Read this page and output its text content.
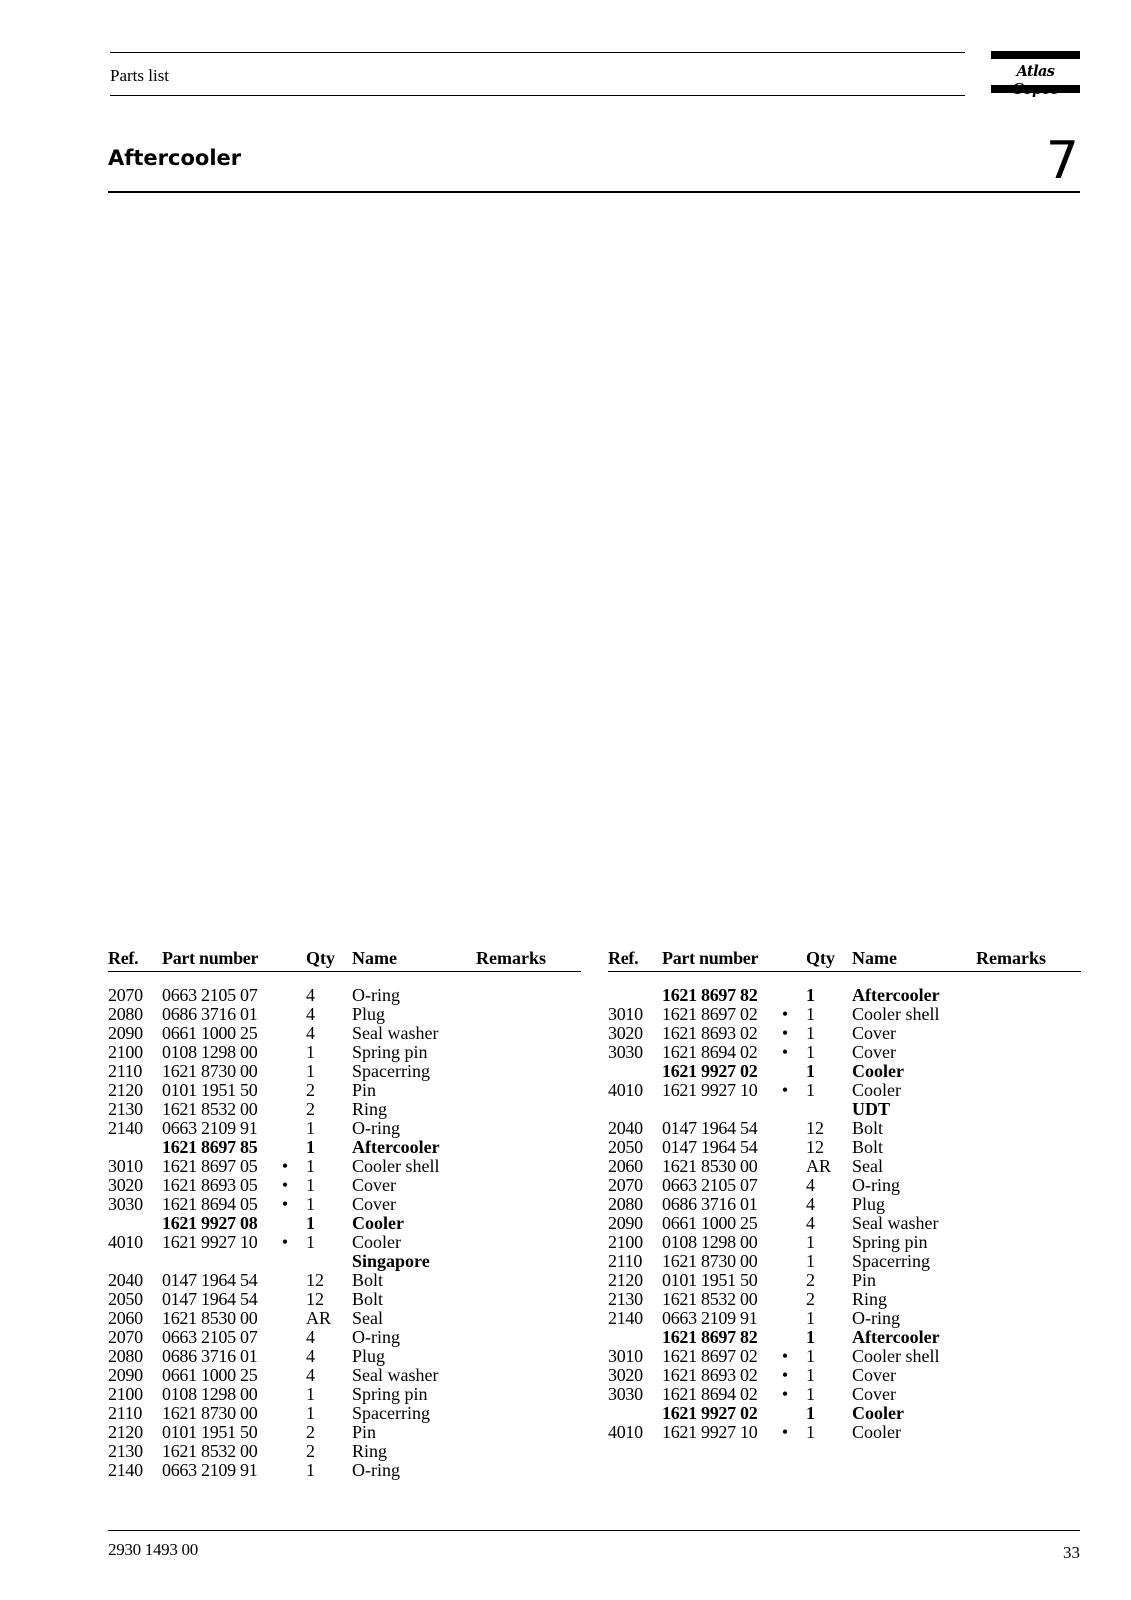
Parts list	Atlas
Aftercooler	7
Ref. Part number	Qty Name	Remarks
2070 0663 2105 07	4 O-ring
2080 0686 3716 01	4 Plug
2090 0661 1000 25	4 Seal washer
2100 0108 1298 00	1 Spring pin
2110 1621 8730 00	1 Spacerring
2120 0101 1951 50	2 Pin
2130 1621 8532 00	2 Ring
2140 0663 2109 91	1 O-ring
1621 8697 85	1 Aftercooler
3010 1621 8697 05 • 1 Cooler shell
3020 1621 8693 05 • 1 Cover
3030 1621 8694 05 • 1 Cover
1621 9927 08	1 Cooler
4010 1621 9927 10 • 1 Cooler
Singapore
2040 0147 1964 54	12 Bolt
2050 0147 1964 54	12 Bolt
2060 1621 8530 00	AR Seal
2070 0663 2105 07	4 O-ring
2080 0686 3716 01	4 Plug
2090 0661 1000 25	4 Seal washer
2100 0108 1298 00	1 Spring pin
2110 1621 8730 00	1 Spacerring
2120 0101 1951 50	2 Pin
2130 1621 8532 00	2 Ring
2140 0663 2109 91	1 O-ring
Ref. Part number	Qty Name	Remarks
1621 8697 82	1 Aftercooler
3010 1621 8697 02 • 1 Cooler shell
3020 1621 8693 02 • 1 Cover
3030 1621 8694 02 • 1 Cover
1621 9927 02	1 Cooler
4010 1621 9927 10 • 1 Cooler
UDT
2040 0147 1964 54	12 Bolt
2050 0147 1964 54	12 Bolt
2060 1621 8530 00	AR Seal
2070 0663 2105 07	4 O-ring
2080 0686 3716 01	4 Plug
2090 0661 1000 25	4 Seal washer
2100 0108 1298 00	1 Spring pin
2110 1621 8730 00	1 Spacerring
2120 0101 1951 50	2 Pin
2130 1621 8532 00	2 Ring
2140 0663 2109 91	1 O-ring
1621 8697 82	1 Aftercooler
3010 1621 8697 02 • 1 Cooler shell
3020 1621 8693 02 • 1 Cover
3030 1621 8694 02 • 1 Cover
1621 9927 02	1 Cooler
4010 1621 9927 10 • 1 Cooler
2930 1493 00	33
